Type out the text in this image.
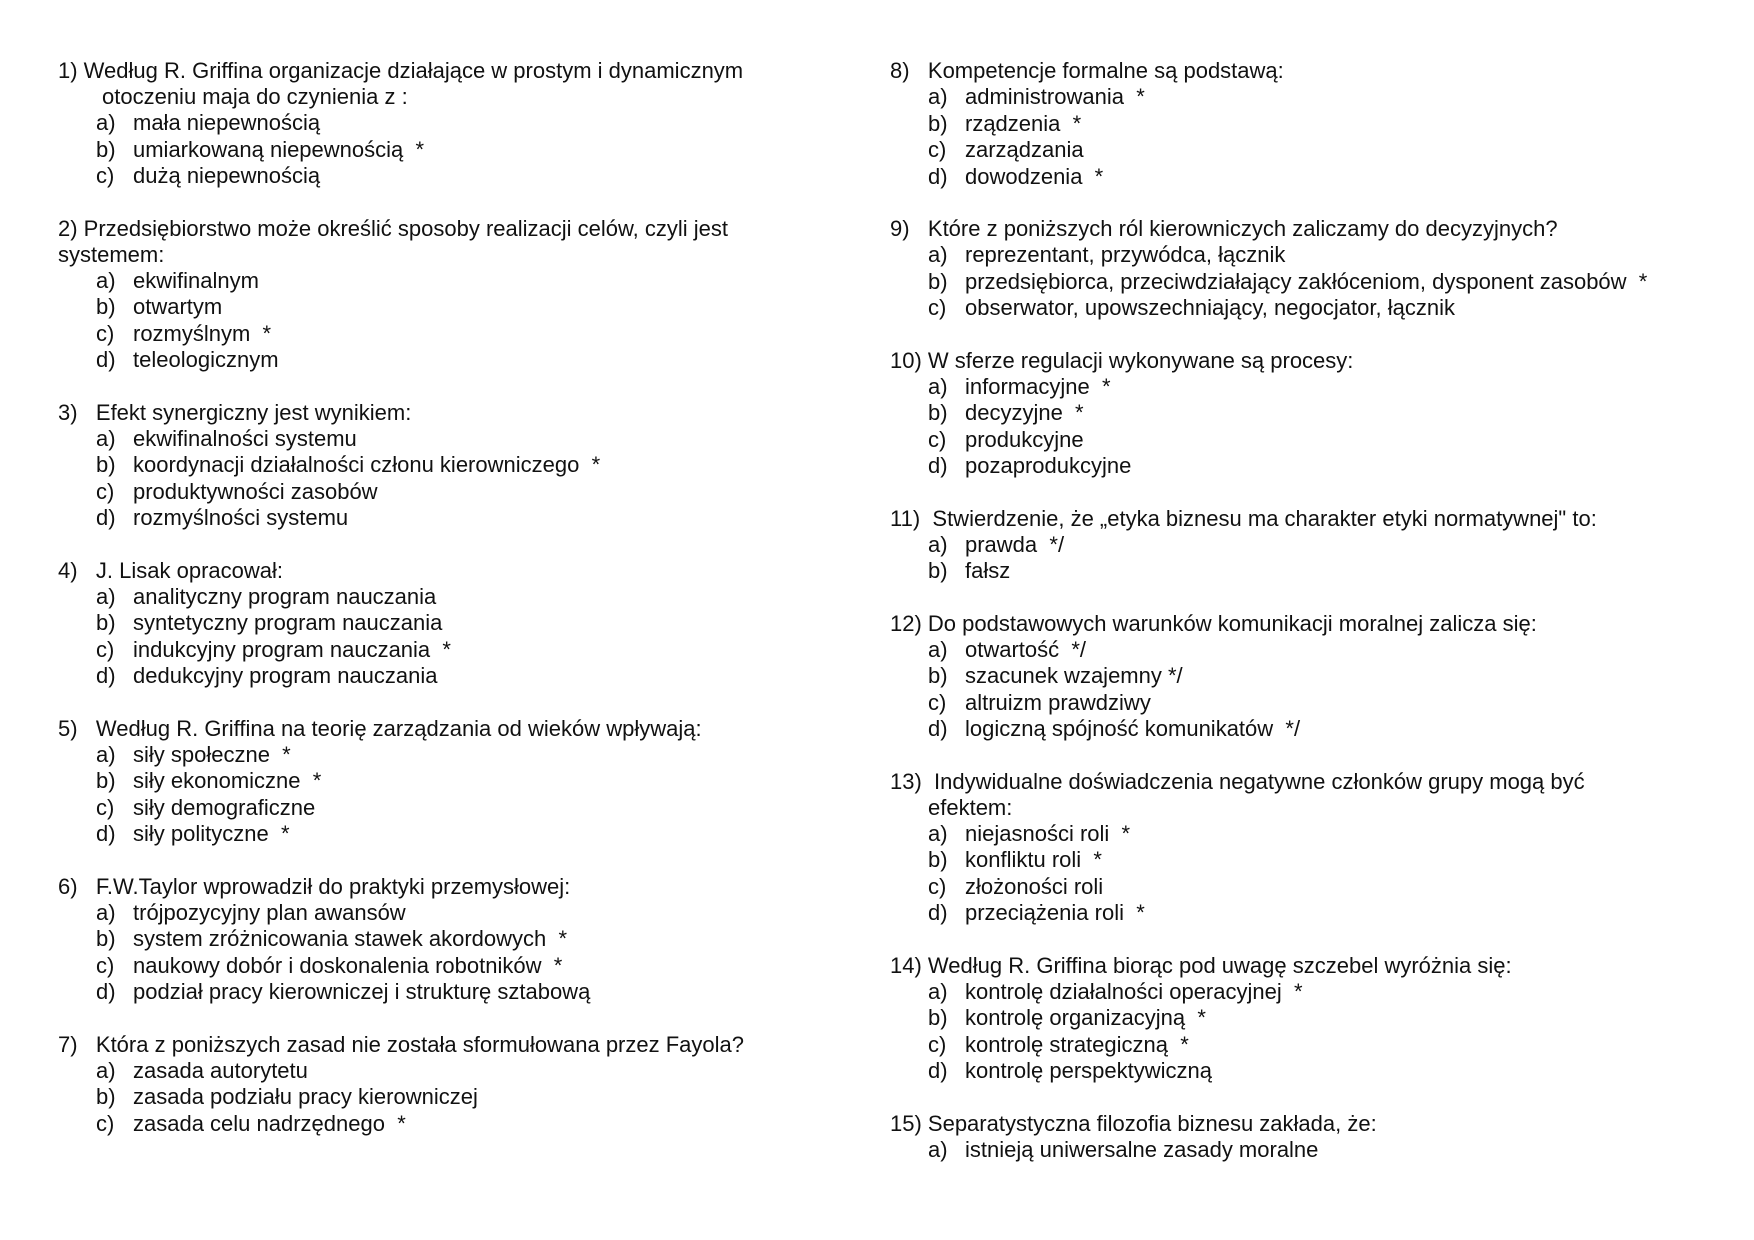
1) Według R. Griffina organizacje działające w prostym i dynamicznym
otoczeniu maja do czynienia z :

a) mała niepewnością
b) umiarkowaną niepewnością  *
c) dużą niepewnością

2) Przedsiębiorstwo może określić sposoby realizacji celów, czyli jest
systemem:

a) ekwifinalnym
b) otwartym
c) rozmyślnym  *
d) teleologicznym

3)   Efekt synergiczny jest wynikiem:

a) ekwifinalności systemu
b) koordynacji działalności członu kierowniczego  *
c) produktywności zasobów
d) rozmyślności systemu

4)   J. Lisak opracował:

a) analityczny program nauczania
b) syntetyczny program nauczania
c) indukcyjny program nauczania  *
d) dedukcyjny program nauczania

5)   Według R. Griffina na teorię zarządzania od wieków wpływają:

a) siły społeczne  *
b) siły ekonomiczne  *
c) siły demograficzne
d) siły polityczne  *

6)   F.W.Taylor wprowadził do praktyki przemysłowej:

a) trójpozycyjny plan awansów
b) system zróżnicowania stawek akordowych  *
c) naukowy dobór i doskonalenia robotników  *
d) podział pracy kierowniczej i strukturę sztabową

7)   Która z poniższych zasad nie została sformułowana przez Fayola?

a) zasada autorytetu
b) zasada podziału pracy kierowniczej
c) zasada celu nadrzędnego  *

8)   Kompetencje formalne są podstawą:

a) administrowania  *
b) rządzenia  *
c) zarządzania
d) dowodzenia  *

9)   Które z poniższych ról kierowniczych zaliczamy do decyzyjnych?

a) reprezentant, przywódca, łącznik
b) przedsiębiorca, przeciwdziałający zakłóceniom, dysponent zasobów  *
c) obserwator, upowszechniający, negocjator, łącznik

10) W sferze regulacji wykonywane są procesy:

a) informacyjne  *
b) decyzyjne  *
c) produkcyjne
d) pozaprodukcyjne

11)  Stwierdzenie, że „etyka biznesu ma charakter etyki normatywnej" to:

a) prawda  */
b) fałsz

12) Do podstawowych warunków komunikacji moralnej zalicza się:

a) otwartość  */
b) szacunek wzajemny */
c) altruizm prawdziwy
d) logiczną spójność komunikatów  */

13)  Indywidualne doświadczenia negatywne członków grupy mogą być
efektem:

a) niejasności roli  *
b) konfliktu roli  *
c) złożoności roli
d) przeciążenia roli  *

14) Według R. Griffina biorąc pod uwagę szczebel wyróżnia się:

a) kontrolę działalności operacyjnej  *
b) kontrolę organizacyjną  *
c) kontrolę strategiczną  *
d) kontrolę perspektywiczną

15) Separatystyczna filozofia biznesu zakłada, że:

a) istnieją uniwersalne zasady moralne
